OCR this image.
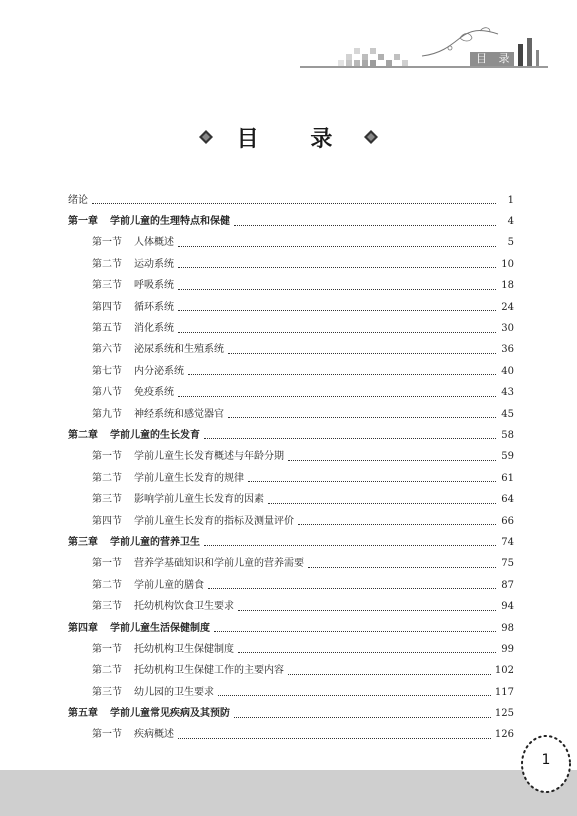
目 录
目 录
绪论	1
第一章 学前儿童的生理特点和保健	4
第一节 人体概述	5
第二节 运动系统	10
第三节 呼吸系统	18
第四节 循环系统	24
第五节 消化系统	30
第六节 泌尿系统和生殖系统	36
第七节 内分泌系统	40
第八节 免疫系统	43
第九节 神经系统和感觉器官	45
第二章 学前儿童的生长发育	58
第一节 学前儿童生长发育概述与年龄分期	59
第二节 学前儿童生长发育的规律	61
第三节 影响学前儿童生长发育的因素	64
第四节 学前儿童生长发育的指标及测量评价	66
第三章 学前儿童的营养卫生	74
第一节 营养学基础知识和学前儿童的营养需要	75
第二节 学前儿童的膳食	87
第三节 托幼机构饮食卫生要求	94
第四章 学前儿童生活保健制度	98
第一节 托幼机构卫生保健制度	99
第二节 托幼机构卫生保健工作的主要内容	102
第三节 幼儿园的卫生要求	117
第五章 学前儿童常见疾病及其预防	125
第一节 疾病概述	126
1
